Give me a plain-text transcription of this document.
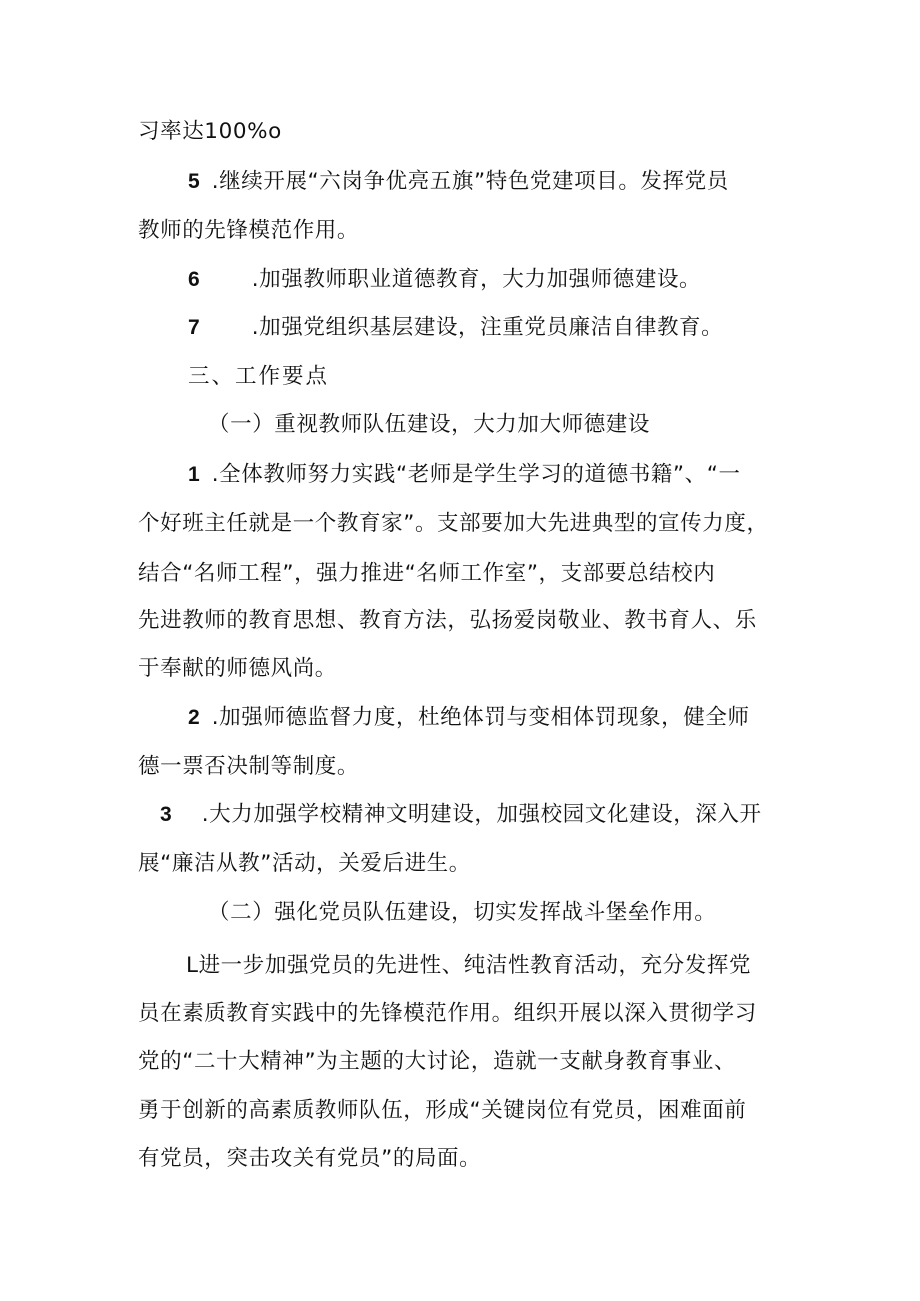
习率达100%o
5 .继续开展“六岗争优亮五旗”特色党建项目。发挥党员
教师的先锋模范作用。
6 .加强教师职业道德教育，大力加强师德建设。
7 .加强党组织基层建设，注重党员廉洁自律教育。
三、工作要点
（一）重视教师队伍建设，大力加大师德建设
1 .全体教师努力实践“老师是学生学习的道德书籍”、“一
个好班主任就是一个教育家”。支部要加大先进典型的宣传力度，
结合“名师工程”，强力推进“名师工作室”，支部要总结校内
先进教师的教育思想、教育方法，弘扬爱岗敬业、教书育人、乐
于奉献的师德风尚。
2 .加强师德监督力度，杜绝体罚与变相体罚现象，健全师
德一票否决制等制度。
3 .大力加强学校精神文明建设，加强校园文化建设，深入开
展“廉洁从教”活动，关爱后进生。
（二）强化党员队伍建设，切实发挥战斗堡垒作用。
L进一步加强党员的先进性、纯洁性教育活动，充分发挥党
员在素质教育实践中的先锋模范作用。组织开展以深入贯彻学习
党的“二十大精神”为主题的大讨论，造就一支献身教育事业、
勇于创新的高素质教师队伍，形成“关键岗位有党员，困难面前
有党员，突击攻关有党员”的局面。
